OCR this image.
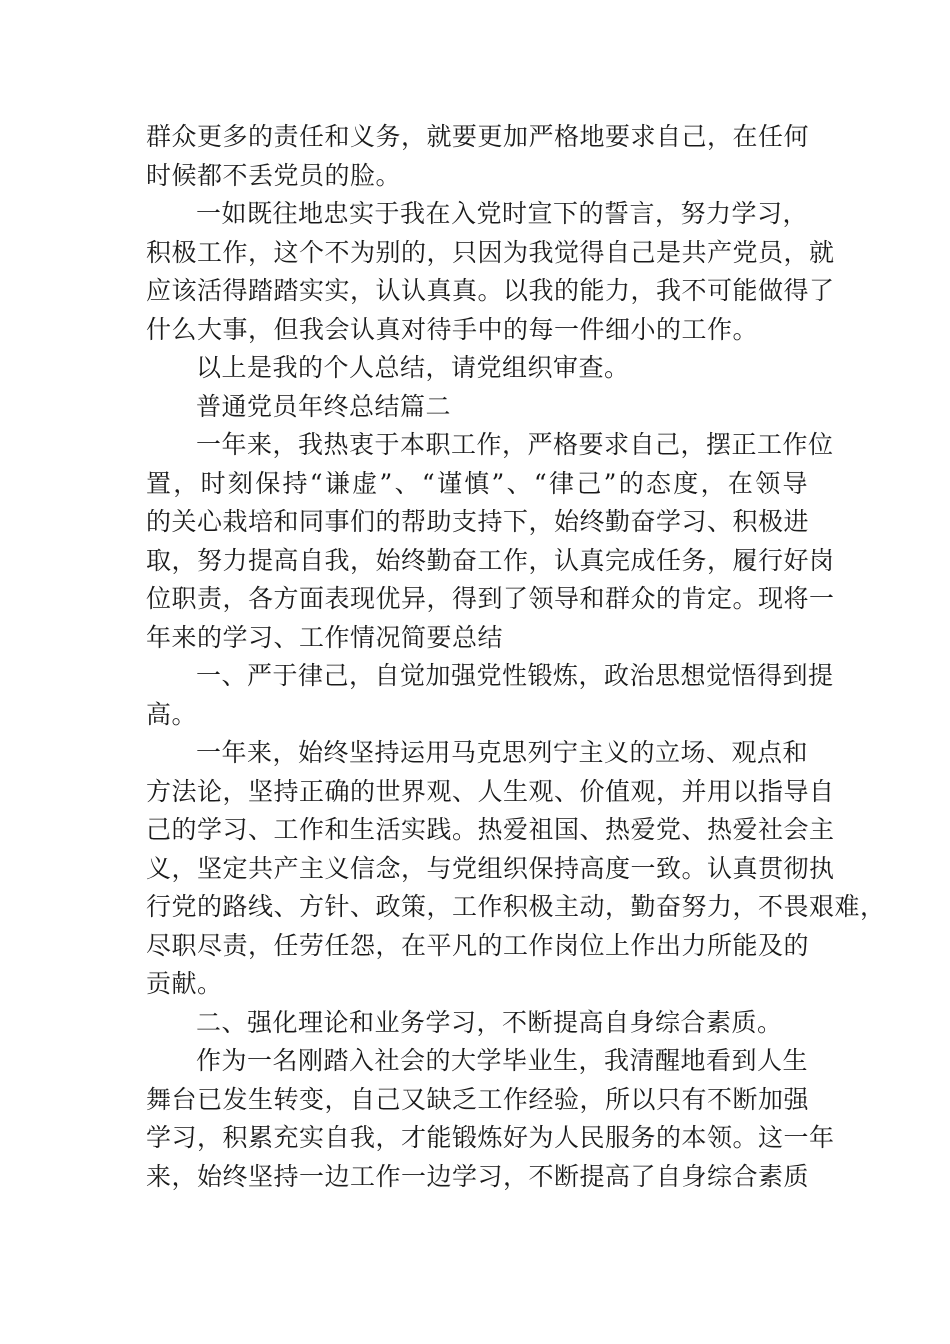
群众更多的责任和义务，就要更加严格地要求自己，在任何
时候都不丢党员的脸。
一如既往地忠实于我在入党时宣下的誓言，努力学习，
积极工作，这个不为别的，只因为我觉得自己是共产党员，就
应该活得踏踏实实，认认真真。以我的能力，我不可能做得了
什么大事，但我会认真对待手中的每一件细小的工作。
以上是我的个人总结，请党组织审查。
普通党员年终总结篇二
一年来，我热衷于本职工作，严格要求自己，摆正工作位
置，时刻保持“谦虚”、“谨慎”、“律己”的态度，在领导
的关心栽培和同事们的帮助支持下，始终勤奋学习、积极进
取，努力提高自我，始终勤奋工作，认真完成任务，履行好岗
位职责，各方面表现优异，得到了领导和群众的肯定。现将一
年来的学习、工作情况简要总结
一、严于律己，自觉加强党性锻炼，政治思想觉悟得到提
高。
一年来，始终坚持运用马克思列宁主义的立场、观点和
方法论，坚持正确的世界观、人生观、价值观，并用以指导自
己的学习、工作和生活实践。热爱祖国、热爱党、热爱社会主
义，坚定共产主义信念，与党组织保持高度一致。认真贯彻执
行党的路线、方针、政策，工作积极主动，勤奋努力，不畏艰难，
尽职尽责，任劳任怨，在平凡的工作岗位上作出力所能及的
贡献。
二、强化理论和业务学习，不断提高自身综合素质。
作为一名刚踏入社会的大学毕业生，我清醒地看到人生
舞台已发生转变，自己又缺乏工作经验，所以只有不断加强
学习，积累充实自我，才能锻炼好为人民服务的本领。这一年
来，始终坚持一边工作一边学习，不断提高了自身综合素质
